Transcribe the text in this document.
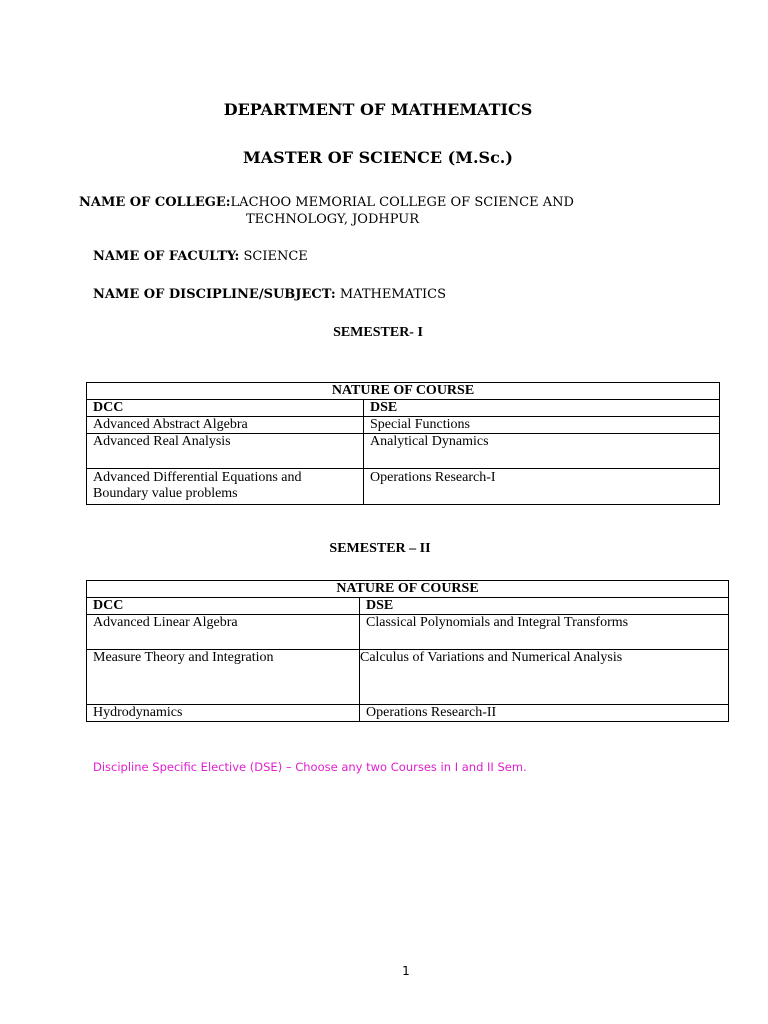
DEPARTMENT OF MATHEMATICS
MASTER OF SCIENCE (M.Sc.)
NAME OF COLLEGE:LACHOO MEMORIAL COLLEGE OF SCIENCE AND
TECHNOLOGY, JODHPUR
NAME OF FACULTY: SCIENCE
NAME OF DISCIPLINE/SUBJECT: MATHEMATICS
SEMESTER- I
NATURE OF COURSE	
DCC	DSE
Advanced Abstract Algebra	Special Functions
Advanced Real Analysis	Analytical Dynamics
Advanced Differential Equations and Boundary value problems	Operations Research-I
SEMESTER – II
NATURE OF COURSE	
DCC	DSE
Advanced Linear Algebra	Classical Polynomials and Integral Transforms
Measure Theory and Integration	Calculus of Variations and Numerical Analysis
Hydrodynamics	Operations Research-II
Discipline Specific Elective (DSE) – Choose any two Courses in I and II Sem.
1
